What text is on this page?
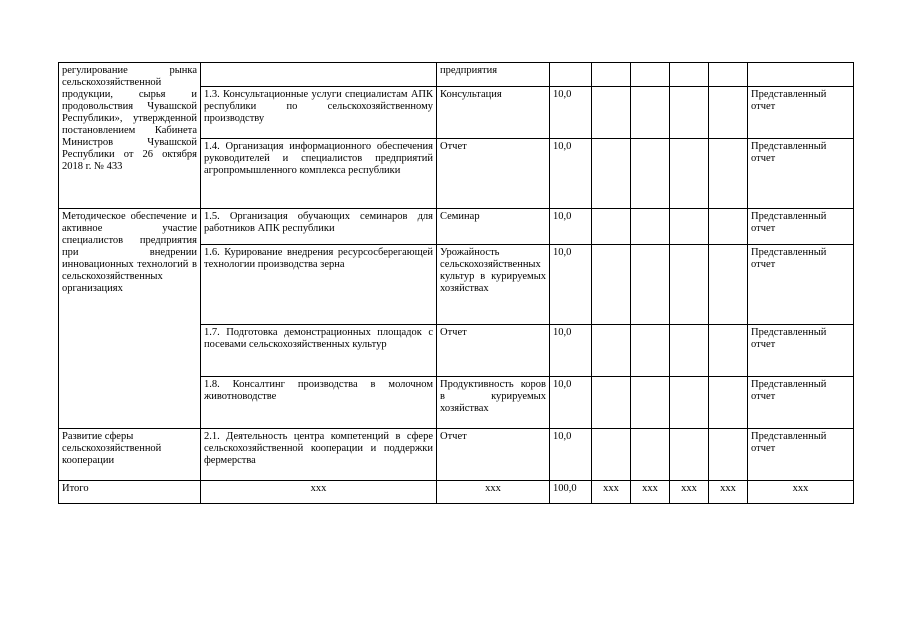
регулирование рынка сельскохозяйственной продукции, сырья и продовольствия Чувашской Республики», утвержденной постановлением Кабинета Министров Чувашской Республики от 26 октября 2018 г. № 433		предприятия						
	1.3. Консультационные услуги специалистам АПК республики по сельскохозяйственному производству	Консультация	10,0					Представленный отчет
	1.4. Организация информационного обеспечения руководителей и специалистов предприятий агропромышленного комплекса республики	Отчет	10,0					Представленный отчет
Методическое обеспечение и активное участие специалистов предприятия при внедрении инновационных технологий в сельскохозяйственных организациях	1.5. Организация обучающих семинаров для работников АПК республики	Семинар	10,0					Представленный отчет
	1.6. Курирование внедрения ресурсосберегающей технологии производства зерна	Урожайность сельскохозяйственных культур в курируемых хозяйствах	10,0					Представленный отчет
	1.7. Подготовка демонстрационных площадок с посевами сельскохозяйственных культур	Отчет	10,0					Представленный отчет
	1.8. Консалтинг производства в молочном животноводстве	Продуктивность коров в курируемых хозяйствах	10,0					Представленный отчет
Развитие сферы сельскохозяйственной кооперации	2.1. Деятельность центра компетенций в сфере сельскохозяйственной кооперации и поддержки фермерства	Отчет	10,0					Представленный отчет
Итого	ххх	ххх	100,0	ххх	ххх	ххх	ххх	ххх
